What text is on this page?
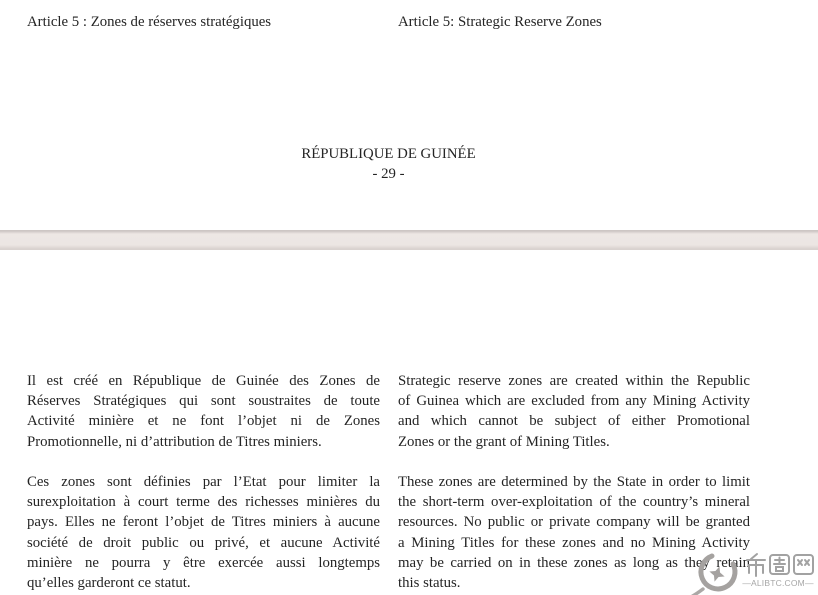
Article 5 : Zones de réserves stratégiques	Article 5: Strategic Reserve Zones
RÉPUBLIQUE DE GUINÉE
- 29 -
Il est créé en République de Guinée des Zones de
Réserves Stratégiques qui sont soustraites de toute
Activité minière et ne font l’objet ni de Zones
Promotionnelle, ni d’attribution de Titres miniers.
Ces zones sont définies par l’Etat pour limiter la
surexploitation à court terme des richesses minières du
pays. Elles ne feront l’objet de Titres miniers à aucune
société de droit public ou privé, et aucune Activité
minière ne pourra y être exercée aussi longtemps
qu’elles garderont ce statut.
Strategic reserve zones are created within the Republic
of Guinea which are excluded from any Mining Activity
and which cannot be subject of either Promotional
Zones or the grant of Mining Titles.
These zones are determined by the State in order to limit
the short-term over-exploitation of the country’s mineral
resources. No public or private company will be granted
a Mining Titles for these zones and no Mining Activity
may be carried on in these zones as long as they retain
this status.	—ALIBTC.COM—
